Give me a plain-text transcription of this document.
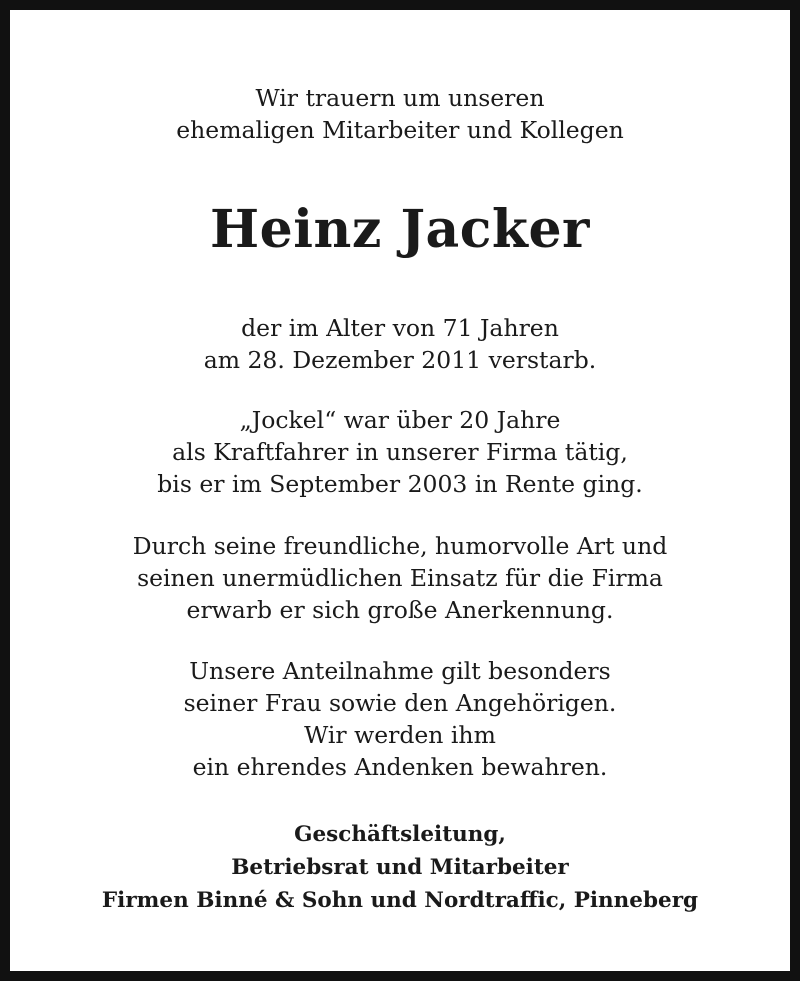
Wir trauern um unseren
ehemaligen Mitarbeiter und Kollegen
Heinz Jacker
der im Alter von 71 Jahren
am 28. Dezember 2011 verstarb.
„Jockel“ war über 20 Jahre
als Kraftfahrer in unserer Firma tätig,
bis er im September 2003 in Rente ging.
Durch seine freundliche, humorvolle Art und
seinen unermüdlichen Einsatz für die Firma
erwarb er sich große Anerkennung.
Unsere Anteilnahme gilt besonders
seiner Frau sowie den Angehörigen.
Wir werden ihm
ein ehrendes Andenken bewahren.
Geschäftsleitung,
Betriebsrat und Mitarbeiter
Firmen Binné & Sohn und Nordtraffic, Pinneberg
